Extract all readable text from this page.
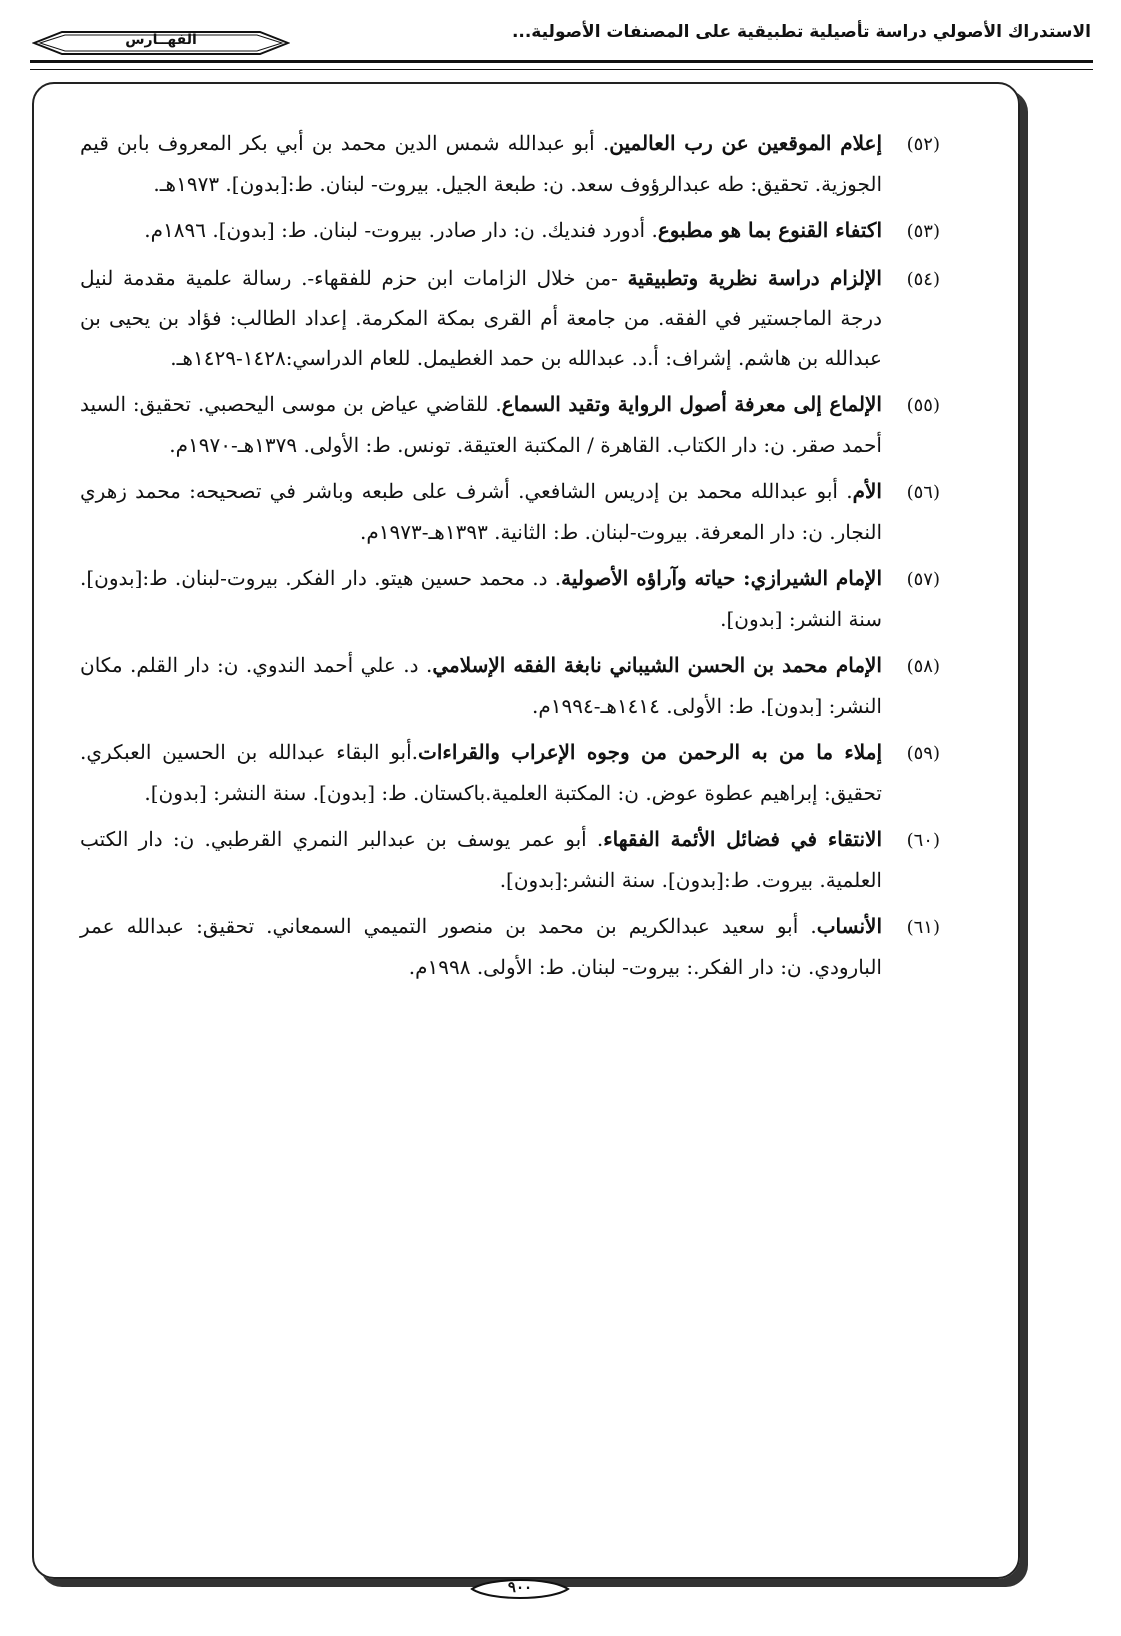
الاستدراك الأصولي دراسة تأصيلية تطبيقية على المصنفات الأصولية...
الفهــارس

(٥٢)إعلام الموقعين عن رب العالمين. أبو عبدالله شمس الدين محمد بن أبي بكر المعروف بابن قيم الجوزية. تحقيق: طه عبدالرؤوف سعد. ن: طبعة الجيل. بيروت- لبنان. ط:[بدون]. ١٩٧٣هـ.

(٥٣)اكتفاء القنوع بما هو مطبوع. أدورد فنديك. ن: دار صادر. بيروت- لبنان. ط: [بدون]. ١٨٩٦م.

(٥٤)الإلزام دراسة نظرية وتطبيقية -من خلال الزامات ابن حزم للفقهاء-. رسالة علمية مقدمة لنيل درجة الماجستير في الفقه. من جامعة أم القرى بمكة المكرمة. إعداد الطالب: فؤاد بن يحيى بن عبدالله بن هاشم. إشراف: أ.د. عبدالله بن حمد الغطيمل. للعام الدراسي:١٤٢٨-١٤٢٩هـ.

(٥٥)الإلماع إلى معرفة أصول الرواية وتقيد السماع. للقاضي عياض بن موسى اليحصبي. تحقيق: السيد أحمد صقر. ن: دار الكتاب. القاهرة / المكتبة العتيقة. تونس. ط: الأولى. ١٣٧٩هـ-١٩٧٠م.

(٥٦)الأم. أبو عبدالله محمد بن إدريس الشافعي. أشرف على طبعه وباشر في تصحيحه: محمد زهري النجار. ن: دار المعرفة. بيروت-لبنان. ط: الثانية. ١٣٩٣هـ-١٩٧٣م.

(٥٧)الإمام الشيرازي: حياته وآراؤه الأصولية. د. محمد حسين هيتو. دار الفكر. بيروت-لبنان. ط:[بدون]. سنة النشر: [بدون].

(٥٨)الإمام محمد بن الحسن الشيباني نابغة الفقه الإسلامي. د. علي أحمد الندوي. ن: دار القلم. مكان النشر: [بدون]. ط: الأولى. ١٤١٤هـ-١٩٩٤م.

(٥٩)إملاء ما من به الرحمن من وجوه الإعراب والقراءات.أبو البقاء عبدالله بن الحسين العبكري. تحقيق: إبراهيم عطوة عوض. ن: المكتبة العلمية.باكستان. ط: [بدون]. سنة النشر: [بدون].

(٦٠)الانتقاء في فضائل الأئمة الفقهاء. أبو عمر يوسف بن عبدالبر النمري القرطبي. ن: دار الكتب العلمية. بيروت. ط:[بدون]. سنة النشر:[بدون].

(٦١)الأنساب. أبو سعيد عبدالكريم بن محمد بن منصور التميمي السمعاني. تحقيق: عبدالله عمر البارودي. ن: دار الفكر.: بيروت- لبنان. ط: الأولى. ١٩٩٨م.

٩٠٠
